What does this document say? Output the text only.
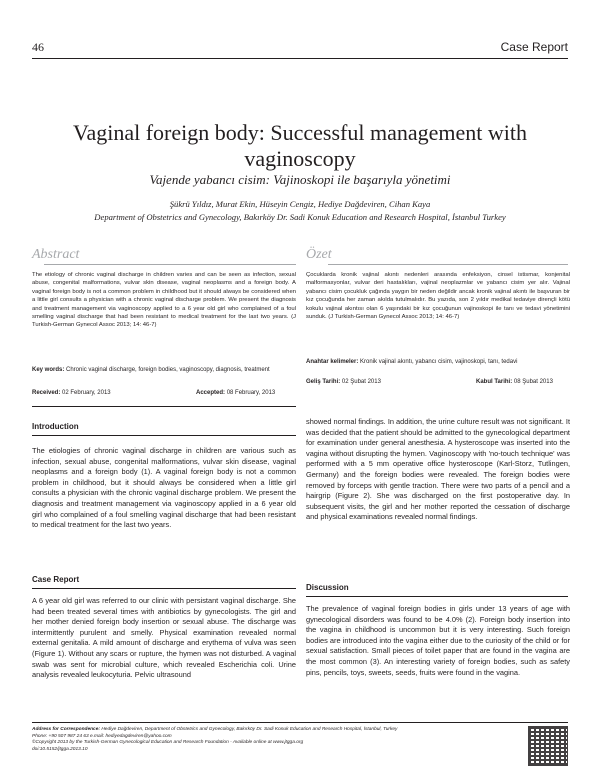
46	Case Report
Vaginal foreign body: Successful management with vaginoscopy
Vajende yabancı cisim: Vajinoskopi ile başarıyla yönetimi
Şükrü Yıldız, Murat Ekin, Hüseyin Cengiz, Hediye Dağdeviren, Cihan Kaya
Department of Obstetrics and Gynecology, Bakırköy Dr. Sadi Konuk Education and Research Hospital, İstanbul Turkey
Abstract
The etiology of chronic vaginal discharge in children varies and can be seen as infection, sexual abuse, congenital malformations, vulvar skin disease, vaginal neoplasms and a foreign body. A vaginal foreign body is not a common problem in childhood but it should always be considered when a little girl consults a physician with a chronic vaginal discharge problem. We present the diagnosis and treatment management via vaginoscopy applied to a 6 year old girl who complained of a foul smelling vaginal discharge that had been resistant to medical treatment for the last two years. (J Turkish-German Gynecol Assoc 2013; 14: 46-7)
Key words: Chronic vaginal discharge, foreign bodies, vaginoscopy, diagnosis, treatment
Received: 02 February, 2013	Accepted: 08 February, 2013
Özet
Çocuklarda kronik vajinal akıntı nedenleri arasında enfeksiyon, cinsel istismar, konjenital malformasyonlar, vulvar deri hastalıkları, vajinal neoplazmlar ve yabancı cisim yer alır. Vajinal yabancı cisim çocukluk çağında yaygın bir neden değildir ancak kronik vajinal akıntı ile başvuran bir kız çocuğunda her zaman akılda tutulmalıdır. Bu yazıda, son 2 yıldır medikal tedaviye dirençli kötü kokulu vajinal akıntısı olan 6 yaşındaki bir kız çocuğunun vajinoskopi ile tanı ve tedavi yönetimini sunduk. (J Turkish-German Gynecol Assoc 2013; 14: 46-7)
Anahtar kelimeler: Kronik vajinal akıntı, yabancı cisim, vajinoskopi, tanı, tedavi
Geliş Tarihi: 02 Şubat 2013	Kabul Tarihi: 08 Şubat 2013
Introduction
The etiologies of chronic vaginal discharge in children are various such as infection, sexual abuse, congenital malformations, vulvar skin disease, vaginal neoplasms and a foreign body (1). A vaginal foreign body is not a common problem in childhood, but it should always be considered when a little girl consults a physician with the chronic vaginal discharge problem. We present the diagnosis and treatment management via vaginoscopy applied in a 6 year old girl who complained of a foul smelling vaginal discharge that had been resistant to medical treatment for the last two years.
Case Report
A 6 year old girl was referred to our clinic with persistant vaginal discharge. She had been treated several times with antibiotics by gynecologists. The girl and her mother denied foreign body insertion or sexual abuse. The discharge was intermittently purulent and smelly. Physical examination revealed normal external genitalia. A mild amount of discharge and erythema of vulva was seen (Figure 1). Without any scars or rupture, the hymen was not disturbed. A vaginal swab was sent for microbial culture, which revealed Escherichia coli. Urine analysis revealed leukocyturia. Pelvic ultrasound
showed normal findings. In addition, the urine culture result was not significant. It was decided that the patient should be admitted to the gynecological department for examination under general anesthesia. A hysteroscope was inserted into the vagina without disrupting the hymen. Vaginoscopy with 'no-touch technique' was performed with a 5 mm operative office hysteroscope (Karl-Storz, Tutlingen, Germany) and the foreign bodies were revealed. The foreign bodies were removed by forceps with gentle traction. There were two parts of a pencil and a hairgrip (Figure 2). She was discharged on the first postoperative day. In subsequent visits, the girl and her mother reported the cessation of discharge and physical examinations revealed normal findings.
Discussion
The prevalence of vaginal foreign bodies in girls under 13 years of age with gynecological disorders was found to be 4.0% (2). Foreign body insertion into the vagina in childhood is uncommon but it is very interesting. Such foreign bodies are introduced into the vagina either due to the curiosity of the child or for sexual satisfaction. Small pieces of toilet paper that are found in the vagina are the most common (3). An interesting variety of foreign bodies, such as safety pins, pencils, toys, sweets, seeds, fruits were found in the vagina.
Address for Correspondence: Hediye Dağdeviren, Department of Obstetrics and Gynecology, Bakırköy Dr. Sadi Konuk Education and Research Hospital, İstanbul, Turkey
Phone: +90 507 987 24 63 e.mail: hediyedagdeviren@yahoo.com
©Copyright 2013 by the Turkish-German Gynecological Education and Research Foundation - Available online at www.jtgga.org
doi:10.5152/jtgga.2013.10
